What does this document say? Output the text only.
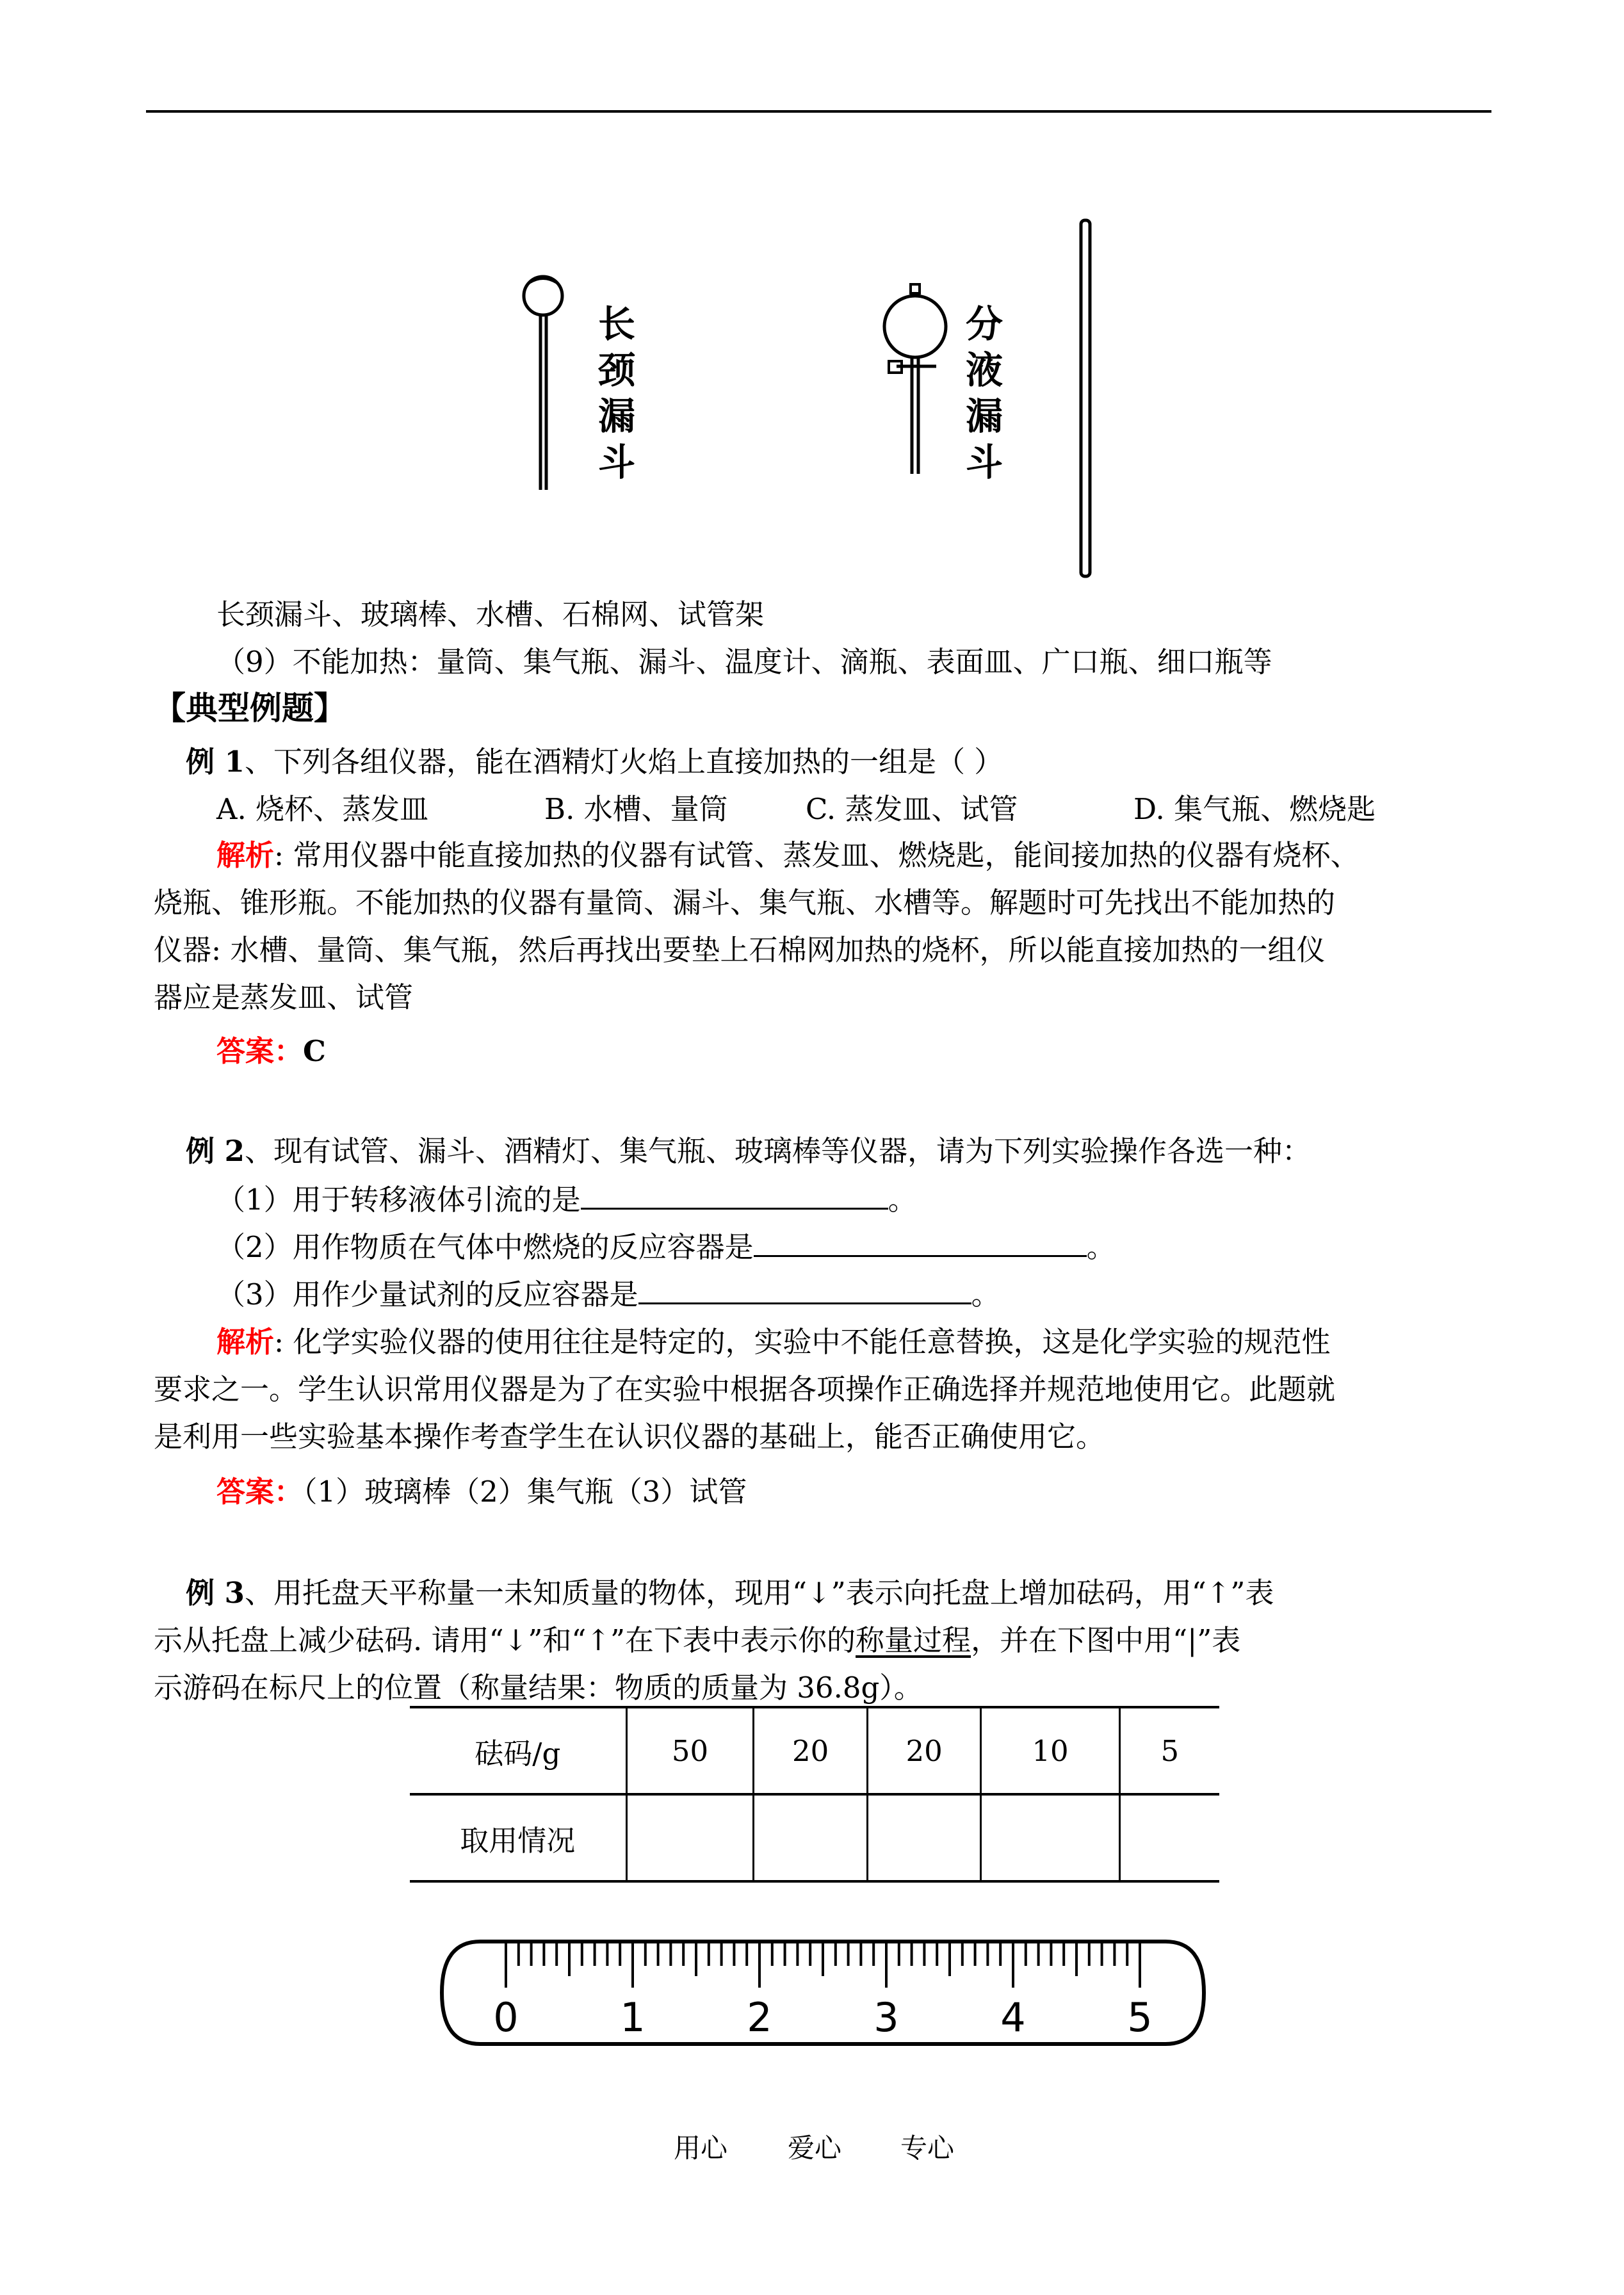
长
颈
漏
斗
分
液
漏
斗
长颈漏斗、玻璃棒、水槽、石棉网、试管架
（9）不能加热：量筒、集气瓶、漏斗、温度计、滴瓶、表面皿、广口瓶、细口瓶等
【典型例题】
例 1、下列各组仪器，能在酒精灯火焰上直接加热的一组是（ ）
A. 烧杯、蒸发皿	B. 水槽、量筒	C. 蒸发皿、试管	D. 集气瓶、燃烧匙
解析: 常用仪器中能直接加热的仪器有试管、蒸发皿、燃烧匙，能间接加热的仪器有烧杯、
烧瓶、锥形瓶。不能加热的仪器有量筒、漏斗、集气瓶、水槽等。解题时可先找出不能加热的
仪器: 水槽、量筒、集气瓶，然后再找出要垫上石棉网加热的烧杯，所以能直接加热的一组仪
器应是蒸发皿、试管
答案：C
例 2、现有试管、漏斗、酒精灯、集气瓶、玻璃棒等仪器，请为下列实验操作各选一种：
（1）用于转移液体引流的是	。
（2）用作物质在气体中燃烧的反应容器是	。
（3）用作少量试剂的反应容器是	。
解析: 化学实验仪器的使用往往是特定的，实验中不能任意替换，这是化学实验的规范性
要求之一。学生认识常用仪器是为了在实验中根据各项操作正确选择并规范地使用它。此题就
是利用一些实验基本操作考查学生在认识仪器的基础上，能否正确使用它。
答案：（1）玻璃棒（2）集气瓶（3）试管
例 3、用托盘天平称量一未知质量的物体，现用“↓”表示向托盘上增加砝码，用“↑”表
示从托盘上减少砝码. 请用“↓”和“↑”在下表中表示你的称量过程，并在下图中用“|”表
示游码在标尺上的位置（称量结果：物质的质量为 36.8g）。
砝码/g	50	20	20	10	5
取用情况					
0	1	2	3	4	5
用心 爱心 专心
